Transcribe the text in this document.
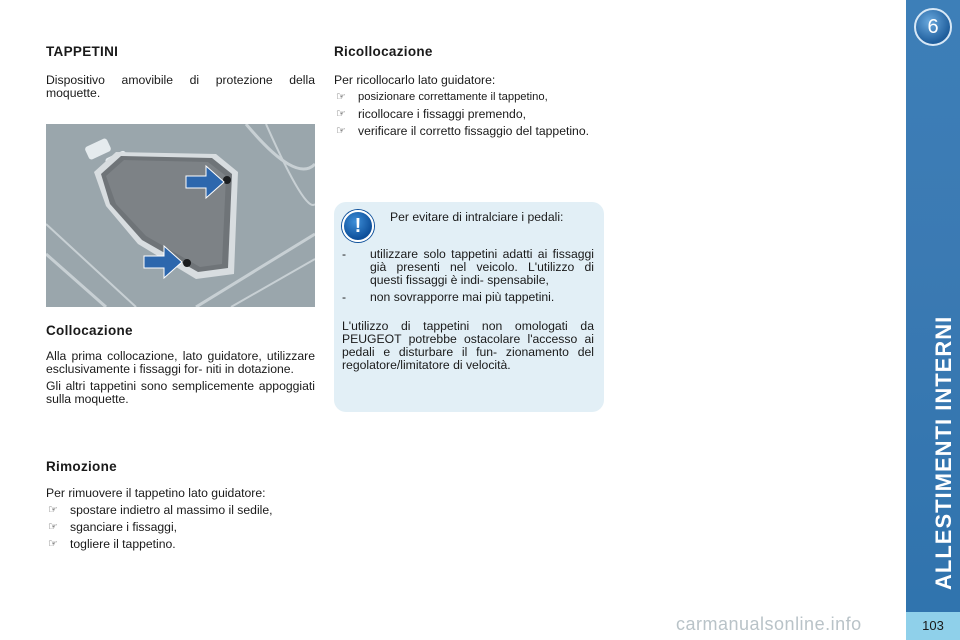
TAPPETINI

Dispositivo amovibile di protezione della moquette.

Collocazione

Alla prima collocazione, lato guidatore, utilizzare esclusivamente i fissaggi for- niti in dotazione.

Gli altri tappetini sono semplicemente appoggiati sulla moquette.

Rimozione

Per rimuovere il tappetino lato guidatore:

☞ spostare indietro al massimo il sedile,
☞ sganciare i fissaggi,
☞ togliere il tappetino.
Ricollocazione

Per ricollocarlo lato guidatore:

☞ posizionare correttamente il tappetino,
☞ ricollocare i fissaggi premendo,
☞ verificare il corretto fissaggio del tappetino.
!	Per evitare di intralciare i pedali:

- utilizzare solo tappetini adatti ai fissaggi già presenti nel veicolo. L'utilizzo di questi fissaggi è indi- spensabile,
- non sovrapporre mai più tappetini.

L'utilizzo di tappetini non omologati da PEUGEOT potrebbe ostacolare l'accesso ai pedali e disturbare il fun- zionamento del regolatore/limitatore di velocità.

6
ALLESTIMENTI INTERNI
103
carmanualsonline.info
